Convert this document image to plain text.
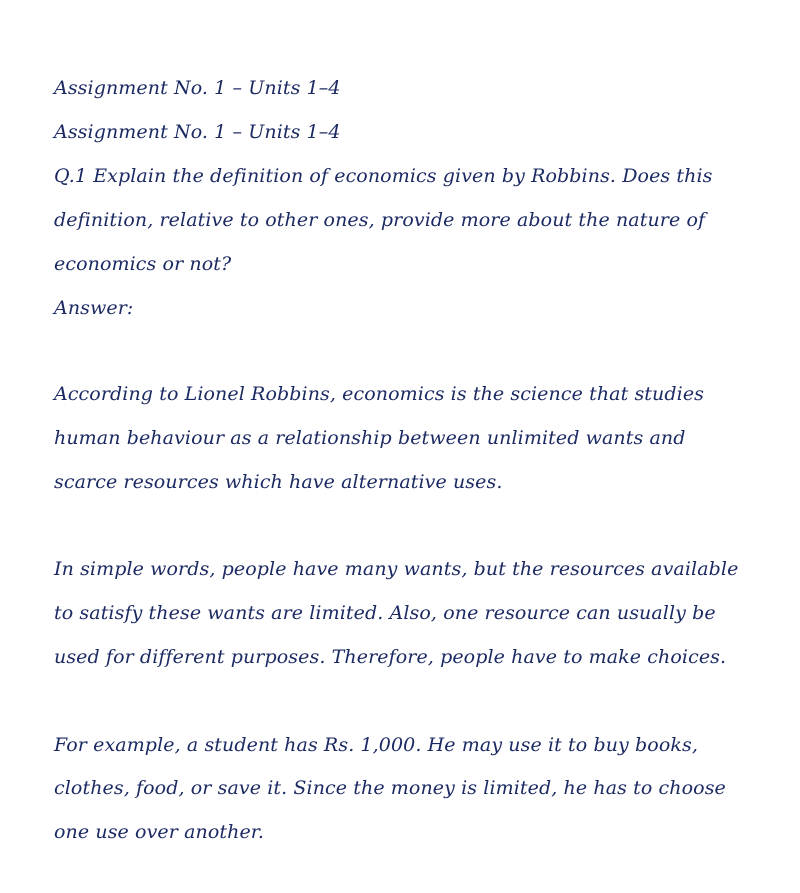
Assignment No. 1 – Units 1–4

Assignment No. 1 – Units 1–4

Q.1 Explain the definition of economics given by Robbins. Does this

definition, relative to other ones, provide more about the nature of

economics or not?

Answer:

According to Lionel Robbins, economics is the science that studies

human behaviour as a relationship between unlimited wants and

scarce resources which have alternative uses.

In simple words, people have many wants, but the resources available

to satisfy these wants are limited. Also, one resource can usually be

used for different purposes. Therefore, people have to make choices.

For example, a student has Rs. 1,000. He may use it to buy books,

clothes, food, or save it. Since the money is limited, he has to choose

one use over another.
